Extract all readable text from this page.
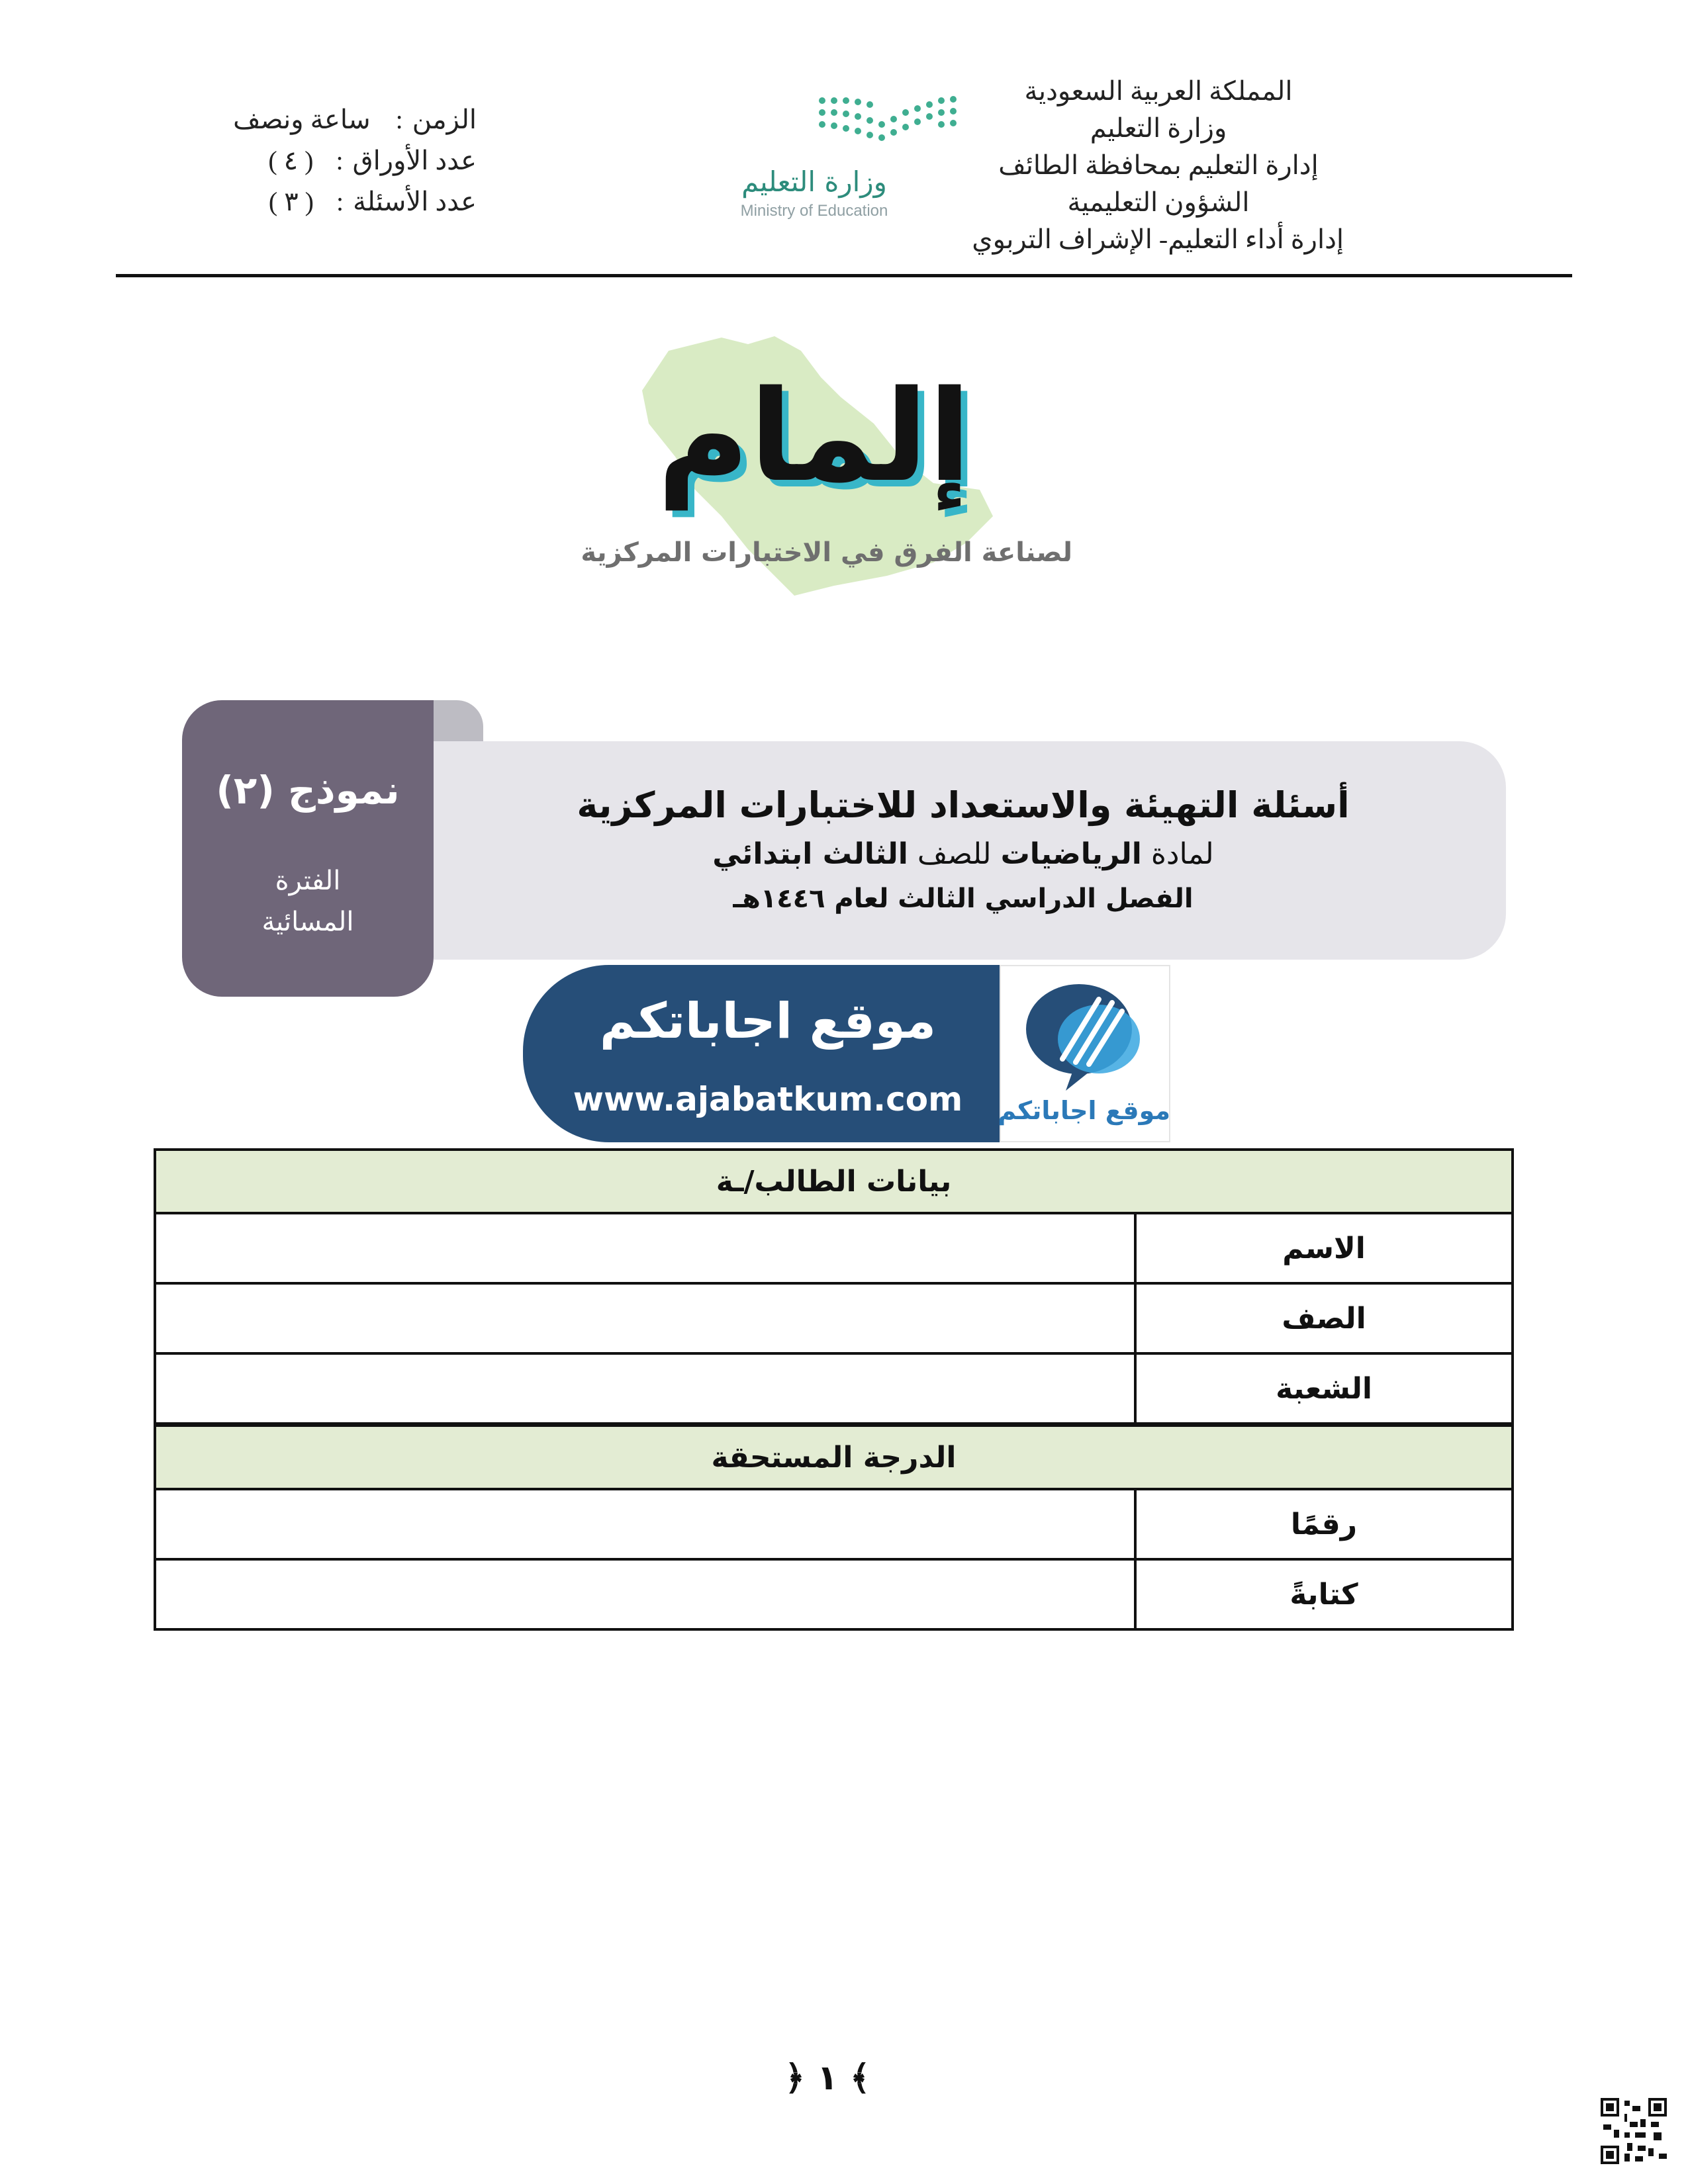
المملكة العربية السعودية
وزارة التعليم
إدارة التعليم بمحافظة الطائف
الشؤون التعليمية
إدارة أداء التعليم- الإشراف التربوي
الزمن:ساعة ونصف
عدد الأوراق:( ٤ )
عدد الأسئلة:( ٣ )
وزارة التعليم
Ministry of Education
إلمام
لصناعة الفرق في الاختبارات المركزية
نموذج (٢)
الفترة
المسائية
أسئلة التهيئة والاستعداد للاختبارات المركزية
لمادة الرياضيات للصف الثالث ابتدائي
الفصل الدراسي الثالث لعام ١٤٤٦هـ
موقع اجاباتكم
www.ajabatkum.com موقع اجاباتكم
بيانات الطالب/ـة	
الاسم	
الصف	
الشعبة	
الدرجة المستحقة	
رقمًا	
كتابةً	
﴿ ١ ﴾
